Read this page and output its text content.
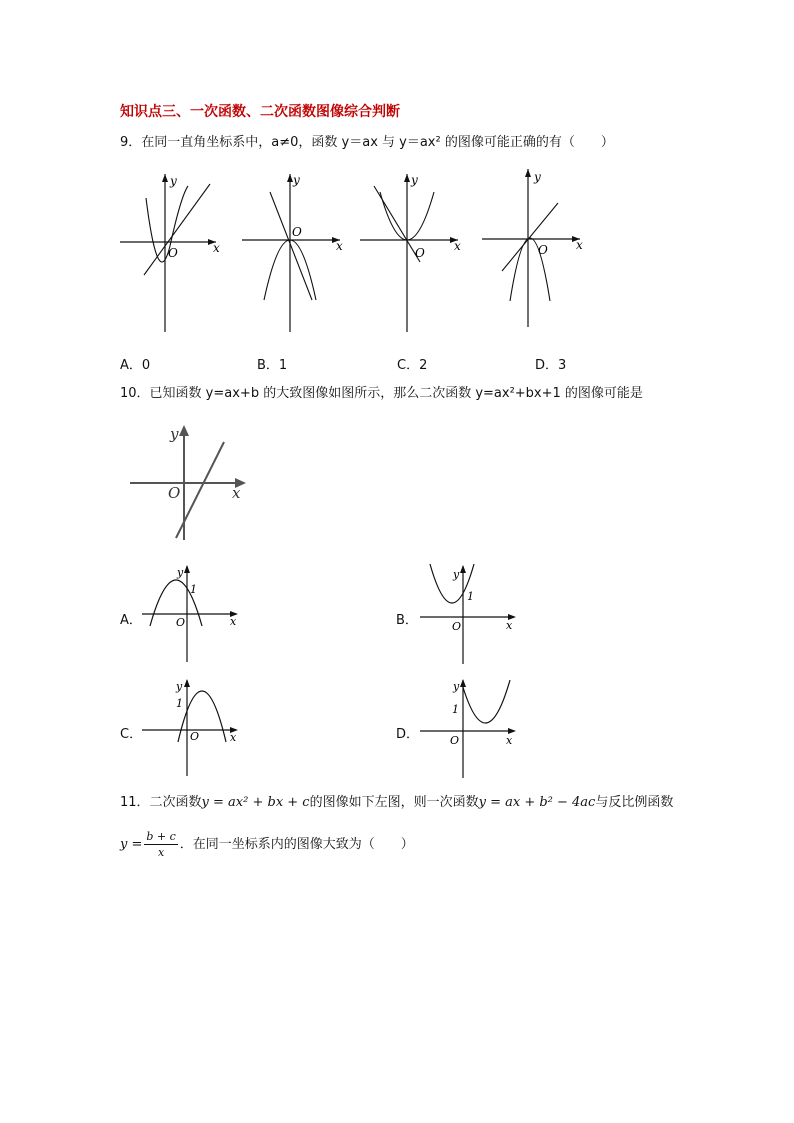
知识点三、一次函数、二次函数图像综合判断
9．在同一直角坐标系中，a≠0，函数 y＝ax 与 y＝ax² 的图像可能正确的有（　　）
y
x
O
y
x
O
y
x
O
y
x
O
A．0	B．1	C．2	D．3
10．已知函数 y=ax+b 的大致图像如图所示，那么二次函数 y=ax²+bx+1 的图像可能是
y
x
O
A．
y
1
x
O	B．
y
1
x
O
C．
y
1
x
O	D．
y
1
x
O
11．二次函数y = ax² + bx + c的图像如下左图，则一次函数y = ax + b² − 4ac与反比例函数
$y = \frac{b + c}{x}$ ．在同一坐标系内的图像大致为（　　）
